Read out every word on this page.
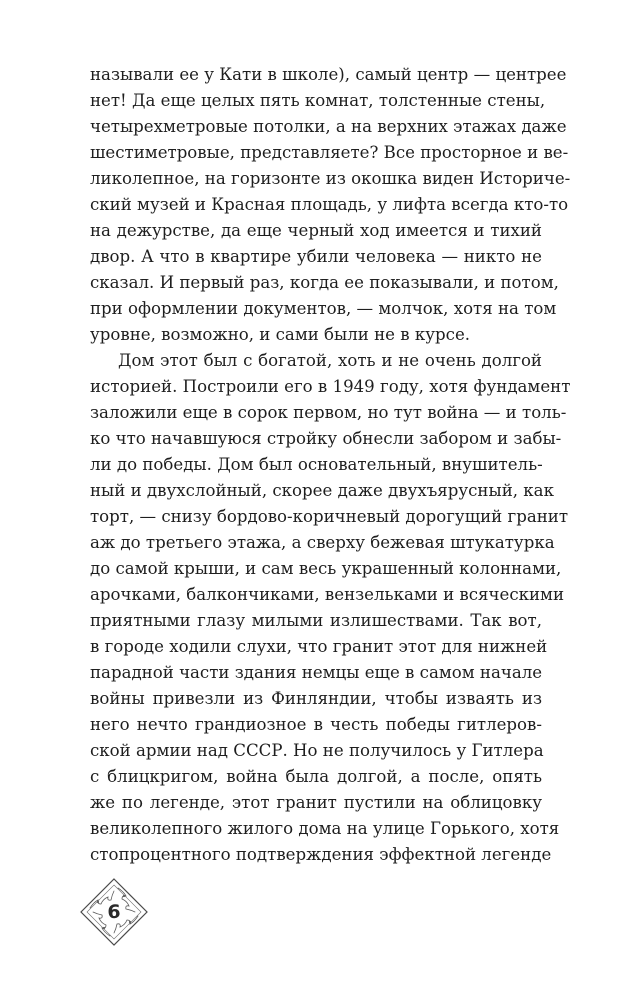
называли ее у Кати в школе), самый центр — центрее
нет! Да еще целых пять комнат, толстенные стены,
четырехметровые потолки, а на верхних этажах даже
шестиметровые, представляете? Все просторное и ве-
ликолепное, на горизонте из окошка виден Историче-
ский музей и Красная площадь, у лифта всегда кто-то
на дежурстве, да еще черный ход имеется и тихий
двор. А что в квартире убили человека — никто не
сказал. И первый раз, когда ее показывали, и потом,
при оформлении документов, — молчок, хотя на том
уровне, возможно, и сами были не в курсе.
Дом этот был с богатой, хоть и не очень долгой
историей. Построили его в 1949 году, хотя фундамент
заложили еще в сорок первом, но тут война — и толь-
ко что начавшуюся стройку обнесли забором и забы-
ли до победы. Дом был основательный, внушитель-
ный и двухслойный, скорее даже двухъярусный, как
торт, — снизу бордово-коричневый дорогущий гранит
аж до третьего этажа, а сверху бежевая штукатурка
до самой крыши, и сам весь украшенный колоннами,
арочками, балкончиками, вензельками и всяческими
приятными глазу милыми излишествами. Так вот,
в городе ходили слухи, что гранит этот для нижней
парадной части здания немцы еще в самом начале
войны привезли из Финляндии, чтобы изваять из
него нечто грандиозное в честь победы гитлеров-
ской армии над СССР. Но не получилось у Гитлера
с блицкригом, война была долгой, а после, опять
же по легенде, этот гранит пустили на облицовку
великолепного жилого дома на улице Горького, хотя
стопроцентного подтверждения эффектной легенде
6
